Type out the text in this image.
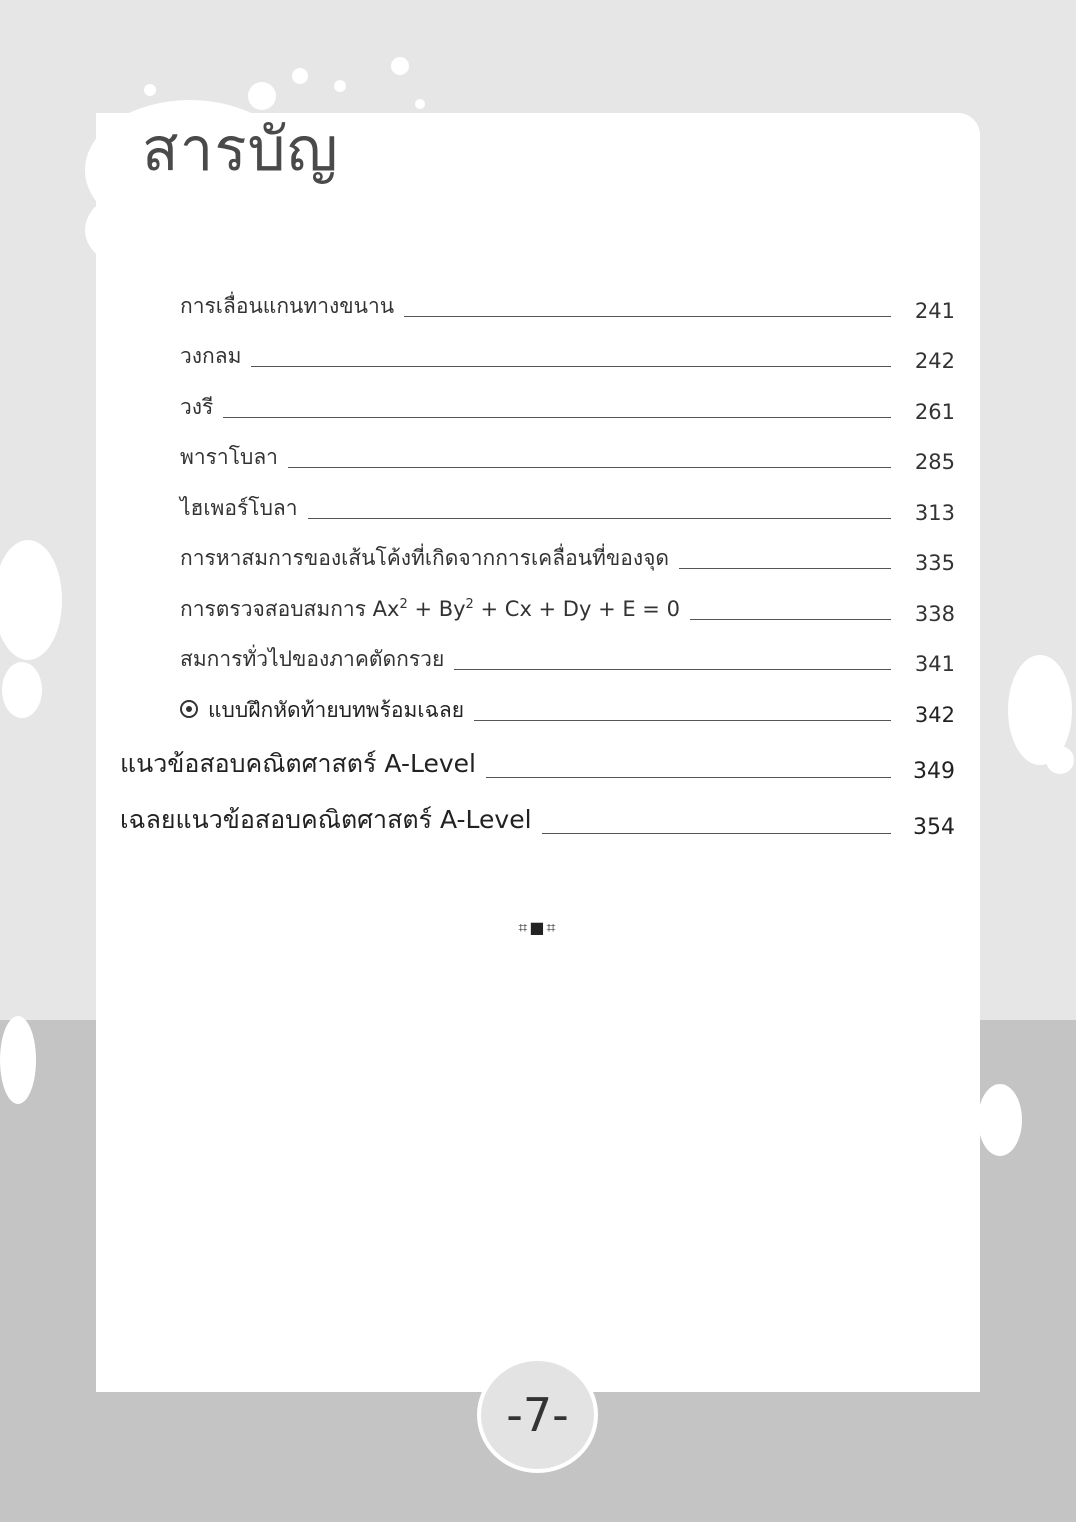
สารบัญ
การเลื่อนแกนทางขนาน	241
วงกลม	242
วงรี	261
พาราโบลา	285
ไฮเพอร์โบลา	313
การหาสมการของเส้นโค้งที่เกิดจากการเคลื่อนที่ของจุด	335
การตรวจสอบสมการ $Ax^2 + By^2 + Cx + Dy + E = 0$	338
สมการทั่วไปของภาคตัดกรวย	341
แบบฝึกหัดท้ายบทพร้อมเฉลย	342
แนวข้อสอบคณิตศาสตร์ A-Level	349
เฉลยแนวข้อสอบคณิตศาสตร์ A-Level	354
⌗■⌗
-7-
